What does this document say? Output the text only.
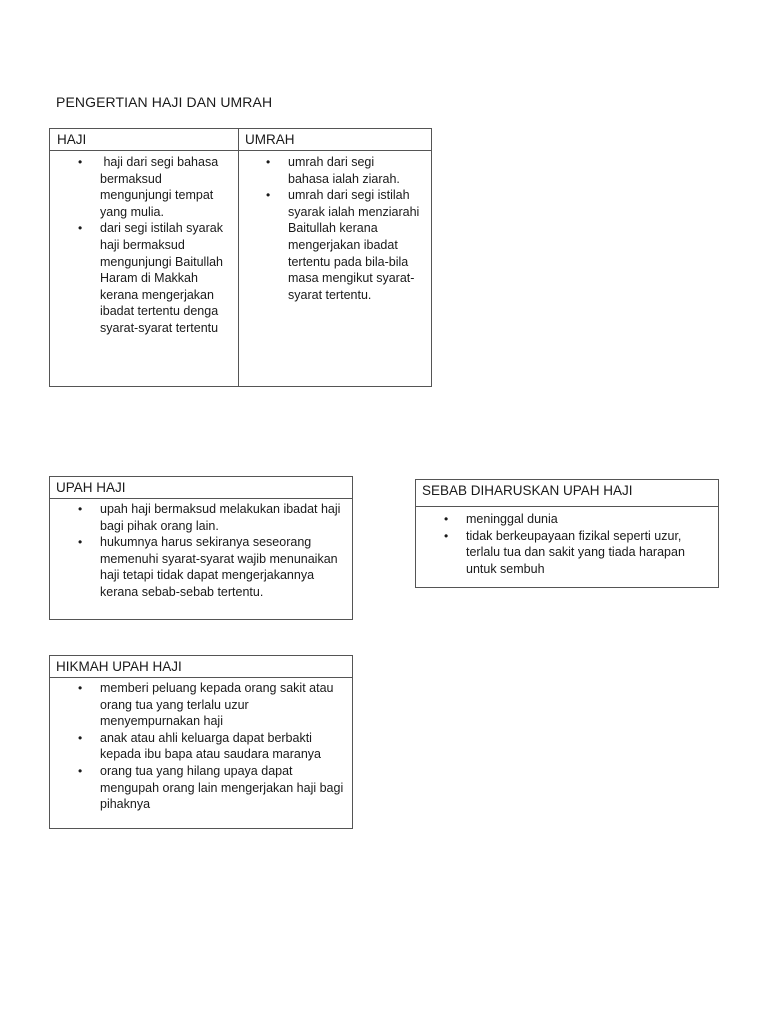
PENGERTIAN HAJI DAN UMRAH
HAJI
•  haji dari segi bahasa bermaksud mengunjungi tempat yang mulia.
• dari segi istilah syarak haji bermaksud mengunjungi Baitullah Haram di Makkah kerana mengerjakan ibadat tertentu denga syarat-syarat tertentu
UMRAH
• umrah dari segi bahasa ialah ziarah.
• umrah dari segi istilah syarak ialah menziarahi Baitullah kerana mengerjakan ibadat tertentu pada bila-bila masa mengikut syarat-syarat tertentu.
UPAH HAJI
• upah haji bermaksud melakukan ibadat haji bagi pihak orang lain.
• hukumnya harus sekiranya seseorang memenuhi syarat-syarat wajib menunaikan haji tetapi tidak dapat mengerjakannya kerana sebab-sebab tertentu.
SEBAB DIHARUSKAN UPAH HAJI
• meninggal dunia
• tidak berkeupayaan fizikal seperti uzur, terlalu tua dan sakit yang tiada harapan untuk sembuh
HIKMAH UPAH HAJI
• memberi peluang kepada orang sakit atau orang tua yang terlalu uzur menyempurnakan haji
• anak atau ahli keluarga dapat berbakti kepada ibu bapa atau saudara maranya
• orang tua yang hilang upaya dapat mengupah orang lain mengerjakan haji bagi pihaknya
